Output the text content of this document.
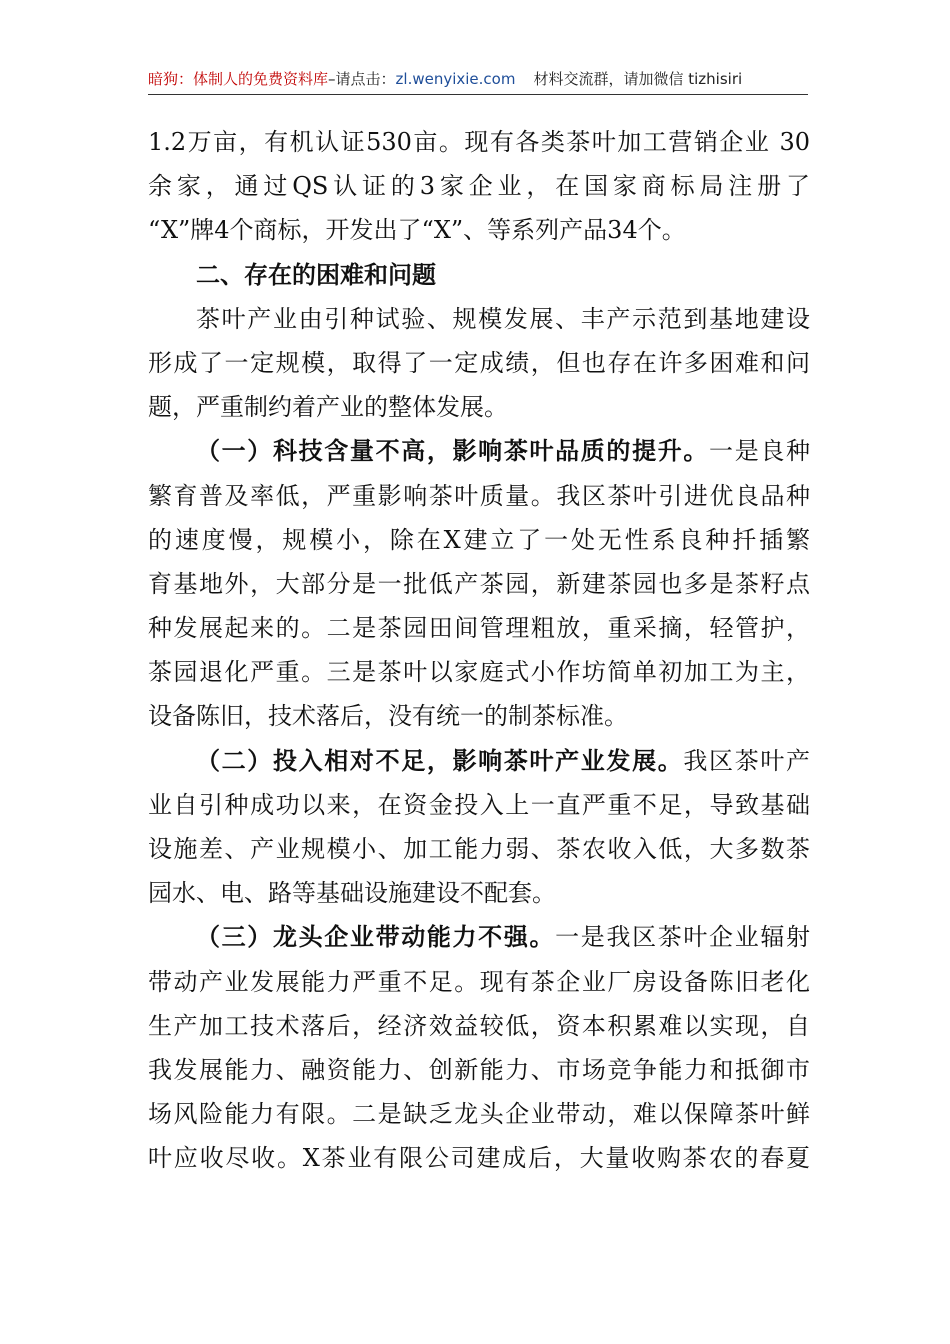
暗狗：体制人的免费资料库–请点击：zl.wenyixie.com 材料交流群，请加微信 tizhisiri
1.2万亩，有机认证530亩。现有各类茶叶加工营销企业 30
余家，通过QS认证的3家企业，在国家商标局注册了
“X”牌4个商标，开发出了“X”、等系列产品34个。
二、存在的困难和问题
茶叶产业由引种试验、规模发展、丰产示范到基地建设
形成了一定规模，取得了一定成绩，但也存在许多困难和问
题，严重制约着产业的整体发展。
（一）科技含量不高，影响茶叶品质的提升。一是良种
繁育普及率低，严重影响茶叶质量。我区茶叶引进优良品种
的速度慢，规模小，除在X建立了一处无性系良种扦插繁
育基地外，大部分是一批低产茶园，新建茶园也多是茶籽点
种发展起来的。二是茶园田间管理粗放，重采摘，轻管护，
茶园退化严重。三是茶叶以家庭式小作坊简单初加工为主，
设备陈旧，技术落后，没有统一的制茶标准。
（二）投入相对不足，影响茶叶产业发展。我区茶叶产
业自引种成功以来，在资金投入上一直严重不足，导致基础
设施差、产业规模小、加工能力弱、茶农收入低，大多数茶
园水、电、路等基础设施建设不配套。
（三）龙头企业带动能力不强。一是我区茶叶企业辐射
带动产业发展能力严重不足。现有茶企业厂房设备陈旧老化
生产加工技术落后，经济效益较低，资本积累难以实现，自
我发展能力、融资能力、创新能力、市场竞争能力和抵御市
场风险能力有限。二是缺乏龙头企业带动，难以保障茶叶鲜
叶应收尽收。X茶业有限公司建成后，大量收购茶农的春夏
